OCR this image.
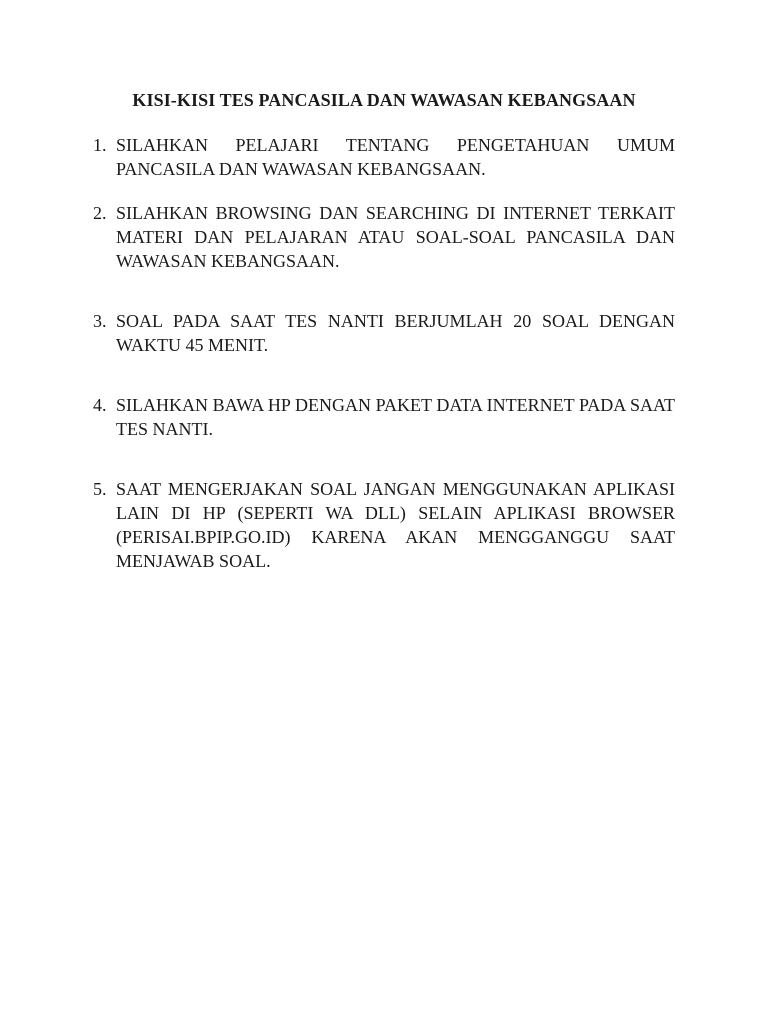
KISI-KISI TES PANCASILA DAN WAWASAN KEBANGSAAN
1. SILAHKAN PELAJARI TENTANG PENGETAHUAN UMUM PANCASILA DAN WAWASAN KEBANGSAAN.
2. SILAHKAN BROWSING DAN SEARCHING DI INTERNET TERKAIT MATERI DAN PELAJARAN ATAU SOAL-SOAL PANCASILA DAN WAWASAN KEBANGSAAN.
3. SOAL PADA SAAT TES NANTI BERJUMLAH 20 SOAL DENGAN WAKTU 45 MENIT.
4. SILAHKAN BAWA HP DENGAN PAKET DATA INTERNET PADA SAAT TES NANTI.
5. SAAT MENGERJAKAN SOAL JANGAN MENGGUNAKAN APLIKASI LAIN DI HP (SEPERTI WA DLL) SELAIN APLIKASI BROWSER (PERISAI.BPIP.GO.ID) KARENA AKAN MENGGANGGU SAAT MENJAWAB SOAL.
